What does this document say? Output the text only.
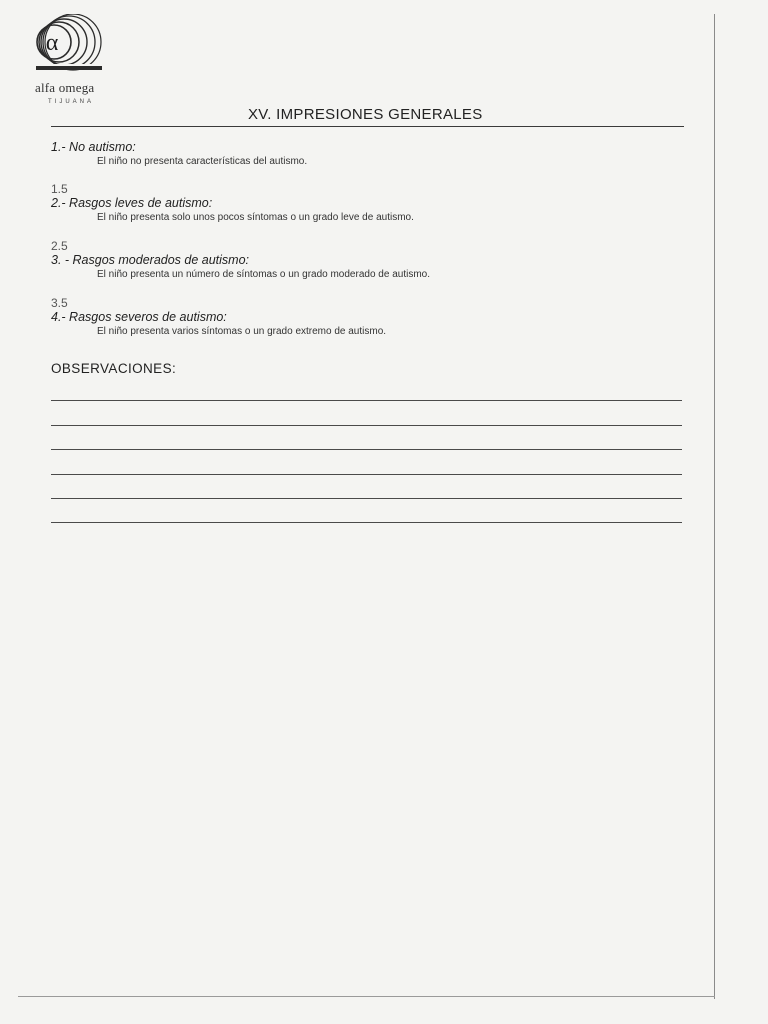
α
alfa omega
TIJUANA
XV. IMPRESIONES GENERALES
1.- No autismo:
El niño no presenta características del autismo.
1.5
2.- Rasgos leves de autismo:
El niño presenta solo unos pocos síntomas o un grado leve de autismo.
2.5
3. - Rasgos moderados de autismo:
El niño presenta un número de síntomas o un grado moderado de autismo.
3.5
4.- Rasgos severos de autismo:
El niño presenta varios síntomas o un grado extremo de autismo.
OBSERVACIONES:
